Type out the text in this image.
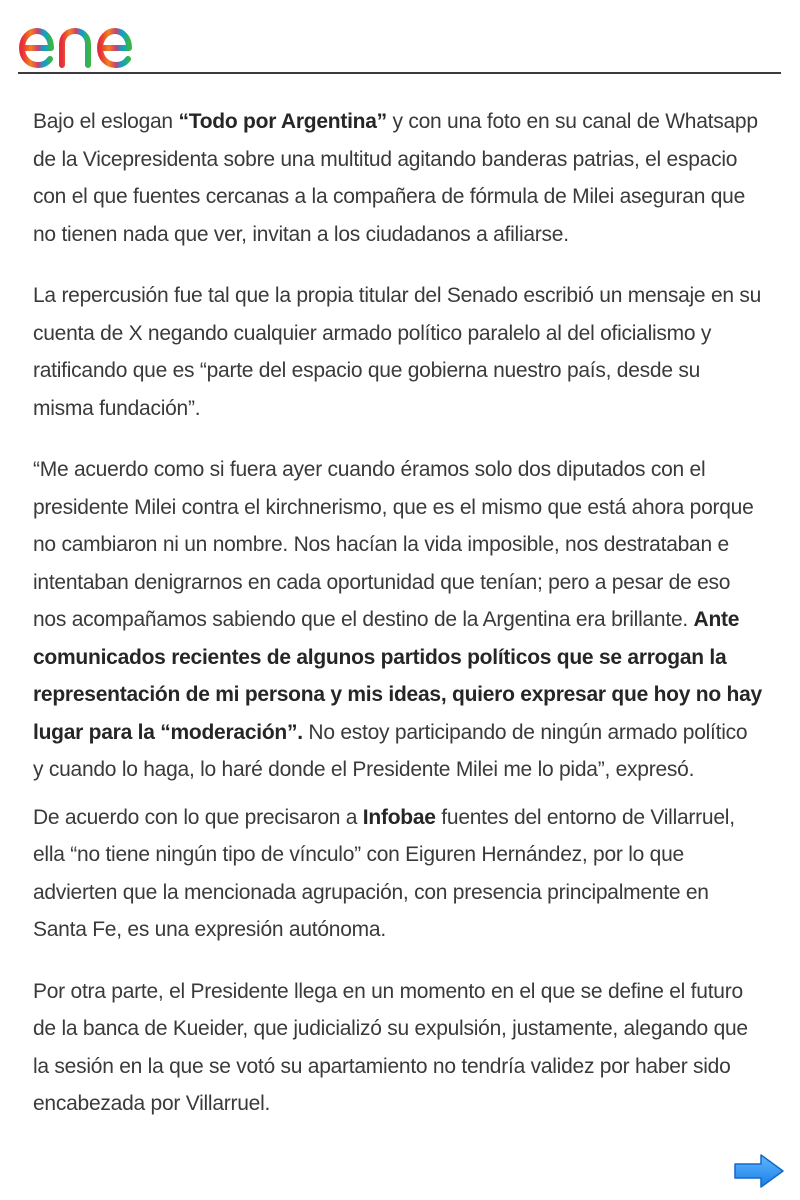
Bajo el eslogan “Todo por Argentina” y con una foto en su canal de Whatsapp de la Vicepresidenta sobre una multitud agitando banderas patrias, el espacio con el que fuentes cercanas a la compañera de fórmula de Milei aseguran que no tienen nada que ver, invitan a los ciudadanos a afiliarse.

La repercusión fue tal que la propia titular del Senado escribió un mensaje en su cuenta de X negando cualquier armado político paralelo al del oficialismo y ratificando que es “parte del espacio que gobierna nuestro país, desde su misma fundación”.

“Me acuerdo como si fuera ayer cuando éramos solo dos diputados con el presidente Milei contra el kirchnerismo, que es el mismo que está ahora porque no cambiaron ni un nombre. Nos hacían la vida imposible, nos destrataban e intentaban denigrarnos en cada oportunidad que tenían; pero a pesar de eso nos acompañamos sabiendo que el destino de la Argentina era brillante. Ante comunicados recientes de algunos partidos políticos que se arrogan la representación de mi persona y mis ideas, quiero expresar que hoy no hay lugar para la “moderación”. No estoy participando de ningún armado político y cuando lo haga, lo haré donde el Presidente Milei me lo pida”, expresó.

De acuerdo con lo que precisaron a Infobae fuentes del entorno de Villarruel, ella “no tiene ningún tipo de vínculo” con Eiguren Hernández, por lo que advierten que la mencionada agrupación, con presencia principalmente en Santa Fe, es una expresión autónoma.

Por otra parte, el Presidente llega en un momento en el que se define el futuro de la banca de Kueider, que judicializó su expulsión, justamente, alegando que la sesión en la que se votó su apartamiento no tendría validez por haber sido encabezada por Villarruel.
